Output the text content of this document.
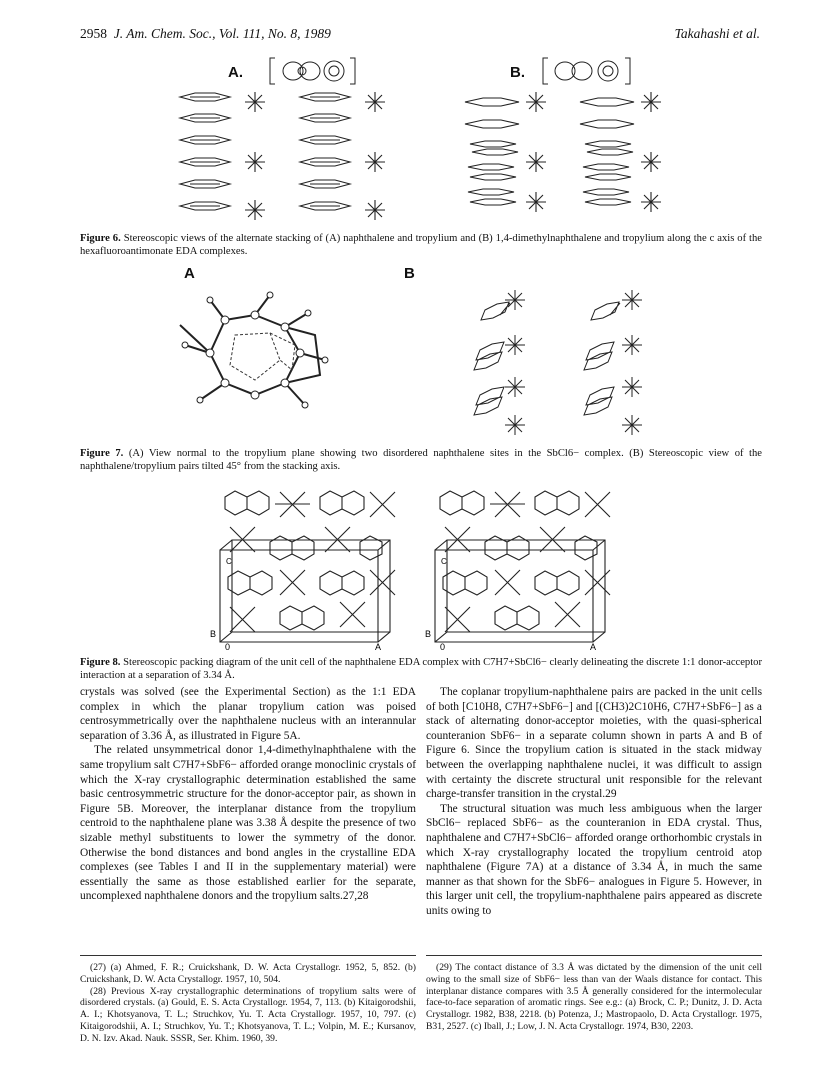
2958 J. Am. Chem. Soc., Vol. 111, No. 8, 1989	Takahashi et al.
A.	B.
Figure 6. Stereoscopic views of the alternate stacking of (A) naphthalene and tropylium and (B) 1,4-dimethylnaphthalene and tropylium along the c axis of the hexafluoroantimonate EDA complexes.
A	B
Figure 7. (A) View normal to the tropylium plane showing two disordered naphthalene sites in the SbCl6− complex. (B) Stereoscopic view of the naphthalene/tropylium pairs tilted 45° from the stacking axis.
C
B
0	A
C
B
0	A
Figure 8. Stereoscopic packing diagram of the unit cell of the naphthalene EDA complex with C7H7+SbCl6− clearly delineating the discrete 1:1 donor-acceptor interaction at a separation of 3.34 Å.

crystals was solved (see the Experimental Section) as the 1:1 EDA complex in which the planar tropylium cation was poised centrosymmetrically over the naphthalene nucleus with an interannular separation of 3.36 Å, as illustrated in Figure 5A.

The related unsymmetrical donor 1,4-dimethylnaphthalene with the same tropylium salt C7H7+SbF6− afforded orange monoclinic crystals of which the X-ray crystallographic determination established the same basic centrosymmetric structure for the donor-acceptor pair, as shown in Figure 5B. Moreover, the interplanar distance from the tropylium centroid to the naphthalene plane was 3.38 Å despite the presence of two sizable methyl substituents to lower the symmetry of the donor. Otherwise the bond distances and bond angles in the crystalline EDA complexes (see Tables I and II in the supplementary material) were essentially the same as those established earlier for the separate, uncomplexed naphthalene donors and the tropylium salts.27,28

The coplanar tropylium-naphthalene pairs are packed in the unit cells of both [C10H8, C7H7+SbF6−] and [(CH3)2C10H6, C7H7+SbF6−] as a stack of alternating donor-acceptor moieties, with the quasi-spherical counteranion SbF6− in a separate column shown in parts A and B of Figure 6. Since the tropylium cation is situated in the stack midway between the overlapping naphthalene nuclei, it was difficult to assign with certainty the discrete structural unit responsible for the relevant charge-transfer transition in the crystal.29

The structural situation was much less ambiguous when the larger SbCl6− replaced SbF6− as the counteranion in EDA crystal. Thus, naphthalene and C7H7+SbCl6− afforded orange orthorhombic crystals in which X-ray crystallography located the tropylium centroid atop naphthalene (Figure 7A) at a distance of 3.34 Å, in much the same manner as that shown for the SbF6− analogues in Figure 5. However, in this larger unit cell, the tropylium-naphthalene pairs appeared as discrete units owing to

(27) (a) Ahmed, F. R.; Cruickshank, D. W. Acta Crystallogr. 1952, 5, 852. (b) Cruickshank, D. W. Acta Crystallogr. 1957, 10, 504.

(28) Previous X-ray crystallographic determinations of tropylium salts were of disordered crystals. (a) Gould, E. S. Acta Crystallogr. 1954, 7, 113. (b) Kitaigorodshii, A. I.; Khotsyanova, T. L.; Struchkov, Yu. T. Acta Crystallogr. 1957, 10, 797. (c) Kitaigorodshii, A. I.; Struchkov, Yu. T.; Khotsyanova, T. L.; Volpin, M. E.; Kursanov, D. N. Izv. Akad. Nauk. SSSR, Ser. Khim. 1960, 39.

(29) The contact distance of 3.3 Å was dictated by the dimension of the unit cell owing to the small size of SbF6− less than van der Waals distance for contact. This interplanar distance compares with 3.5 Å generally considered for the intermolecular face-to-face separation of aromatic rings. See e.g.: (a) Brock, C. P.; Dunitz, J. D. Acta Crystallogr. 1982, B38, 2218. (b) Potenza, J.; Mastropaolo, D. Acta Crystallogr. 1975, B31, 2527. (c) Iball, J.; Low, J. N. Acta Crystallogr. 1974, B30, 2203.
